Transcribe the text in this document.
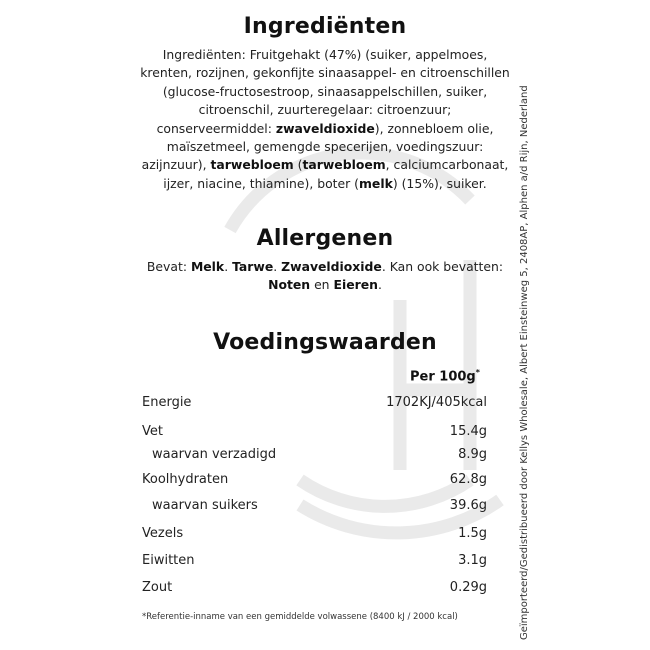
Ingrediënten
Ingrediënten: Fruitgehakt (47%) (suiker, appelmoes, krenten, rozijnen, gekonfijte sinaasappel- en citroenschillen (glucose-fructosestroop, sinaasappelschillen, suiker, citroenschil, zuurteregelaar: citroenzuur; conserveermiddel: zwaveldioxide), zonnebloem olie, maïszetmeel, gemengde specerijen, voedingszuur: azijnzuur), tarwebloem (tarwebloem, calciumcarbonaat, ijzer, niacine, thiamine), boter (melk) (15%), suiker.
Allergenen
Bevat: Melk. Tarwe. Zwaveldioxide. Kan ook bevatten: Noten en Eieren.
Voedingswaarden
Per 100g*
Energie	1702KJ/405kcal
Vet	15.4g
waarvan verzadigd	8.9g
Koolhydraten	62.8g
waarvan suikers	39.6g
Vezels	1.5g
Eiwitten	3.1g
Zout	0.29g
*Referentie-inname van een gemiddelde volwassene (8400 kJ / 2000 kcal)	Geïmporteerd/Gedistribueerd door Kellys Wholesale, Albert Einsteinweg 5, 2408AP, Alphen a/d Rijn, Nederland
